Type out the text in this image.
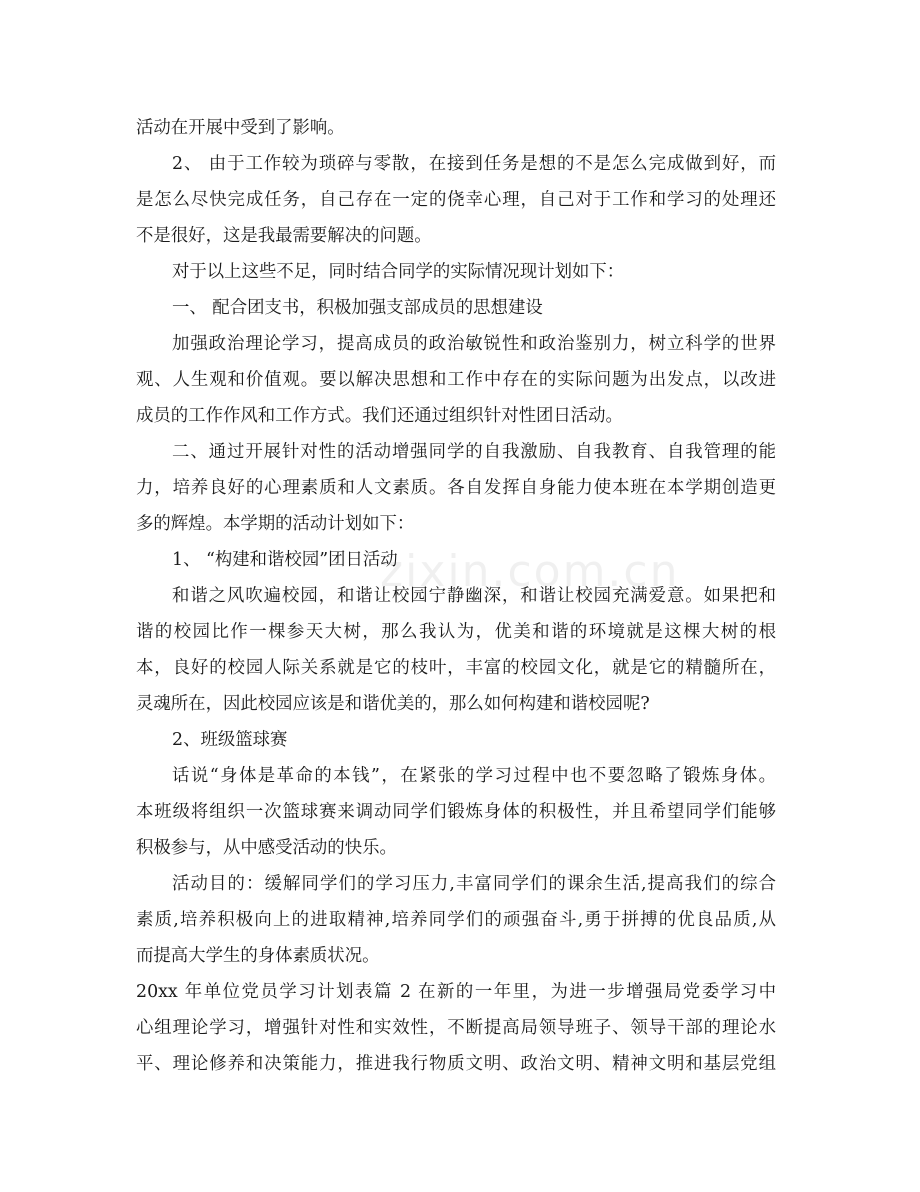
zixin.com.cn
活动在开展中受到了影响。
2、 由于工作较为琐碎与零散，在接到任务是想的不是怎么完成做到好，而
是怎么尽快完成任务，自己存在一定的侥幸心理，自己对于工作和学习的处理还
不是很好，这是我最需要解决的问题。
对于以上这些不足，同时结合同学的实际情况现计划如下：
一、 配合团支书，积极加强支部成员的思想建设
加强政治理论学习，提高成员的政治敏锐性和政治鉴别力，树立科学的世界
观、人生观和价值观。要以解决思想和工作中存在的实际问题为出发点，以改进
成员的工作作风和工作方式。我们还通过组织针对性团日活动。
二、通过开展针对性的活动增强同学的自我激励、自我教育、自我管理的能
力，培养良好的心理素质和人文素质。各自发挥自身能力使本班在本学期创造更
多的辉煌。本学期的活动计划如下：
1、 “构建和谐校园”团日活动
和谐之风吹遍校园，和谐让校园宁静幽深，和谐让校园充满爱意。如果把和
谐的校园比作一棵参天大树，那么我认为，优美和谐的环境就是这棵大树的根
本，良好的校园人际关系就是它的枝叶，丰富的校园文化，就是它的精髓所在，
灵魂所在，因此校园应该是和谐优美的，那么如何构建和谐校园呢?
2、班级篮球赛
话说“身体是革命的本钱”，在紧张的学习过程中也不要忽略了锻炼身体。
本班级将组织一次篮球赛来调动同学们锻炼身体的积极性，并且希望同学们能够
积极参与，从中感受活动的快乐。
活动目的：缓解同学们的学习压力,丰富同学们的课余生活,提高我们的综合
素质,培养积极向上的进取精神,培养同学们的顽强奋斗,勇于拼搏的优良品质,从
而提高大学生的身体素质状况。
20xx 年单位党员学习计划表篇 2 在新的一年里，为进一步增强局党委学习中
心组理论学习，增强针对性和实效性，不断提高局领导班子、领导干部的理论水
平、理论修养和决策能力，推进我行物质文明、政治文明、精神文明和基层党组
